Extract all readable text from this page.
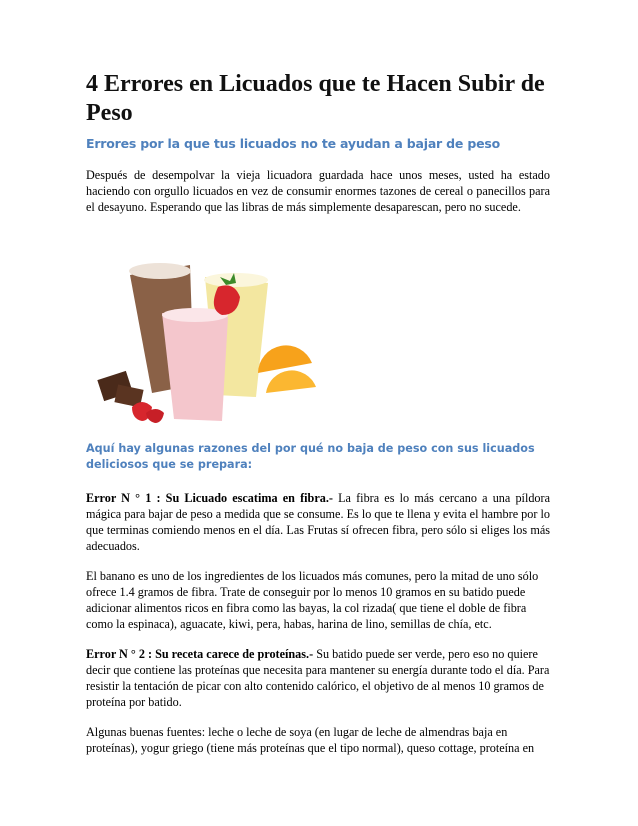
4 Errores en Licuados que te Hacen Subir de Peso
Errores por la que tus licuados no te ayudan a bajar de peso

Después de desempolvar la vieja licuadora guardada hace unos meses, usted ha estado haciendo con orgullo licuados en vez de consumir enormes tazones de cereal o panecillos para el desayuno. Esperando que las libras de más simplemente desaparescan, pero no sucede.

Aquí hay algunas razones del por qué no baja de peso con sus licuados deliciosos que se prepara:

Error N ° 1 : Su Licuado escatima en fibra.- La fibra es lo más cercano a una píldora mágica para bajar de peso a medida que se consume. Es lo que te llena y evita el hambre por lo que terminas comiendo menos en el día. Las Frutas sí ofrecen fibra, pero sólo si eliges los más adecuados.

El banano es uno de los ingredientes de los licuados más comunes, pero la mitad de uno sólo ofrece 1.4 gramos de fibra. Trate de conseguir por lo menos 10 gramos en su batido puede adicionar alimentos ricos en fibra como las bayas, la col rizada( que tiene el doble de fibra como la espinaca), aguacate, kiwi, pera, habas, harina de lino, semillas de chía, etc.

Error N ° 2 : Su receta carece de proteínas.- Su batido puede ser verde, pero eso no quiere decir que contiene las proteínas que necesita para mantener su energía durante todo el día. Para resistir la tentación de picar con alto contenido calórico, el objetivo de al menos 10 gramos de proteína por batido.

Algunas buenas fuentes: leche o leche de soya (en lugar de leche de almendras baja en proteínas), yogur griego (tiene más proteínas que el tipo normal), queso cottage, proteína en
